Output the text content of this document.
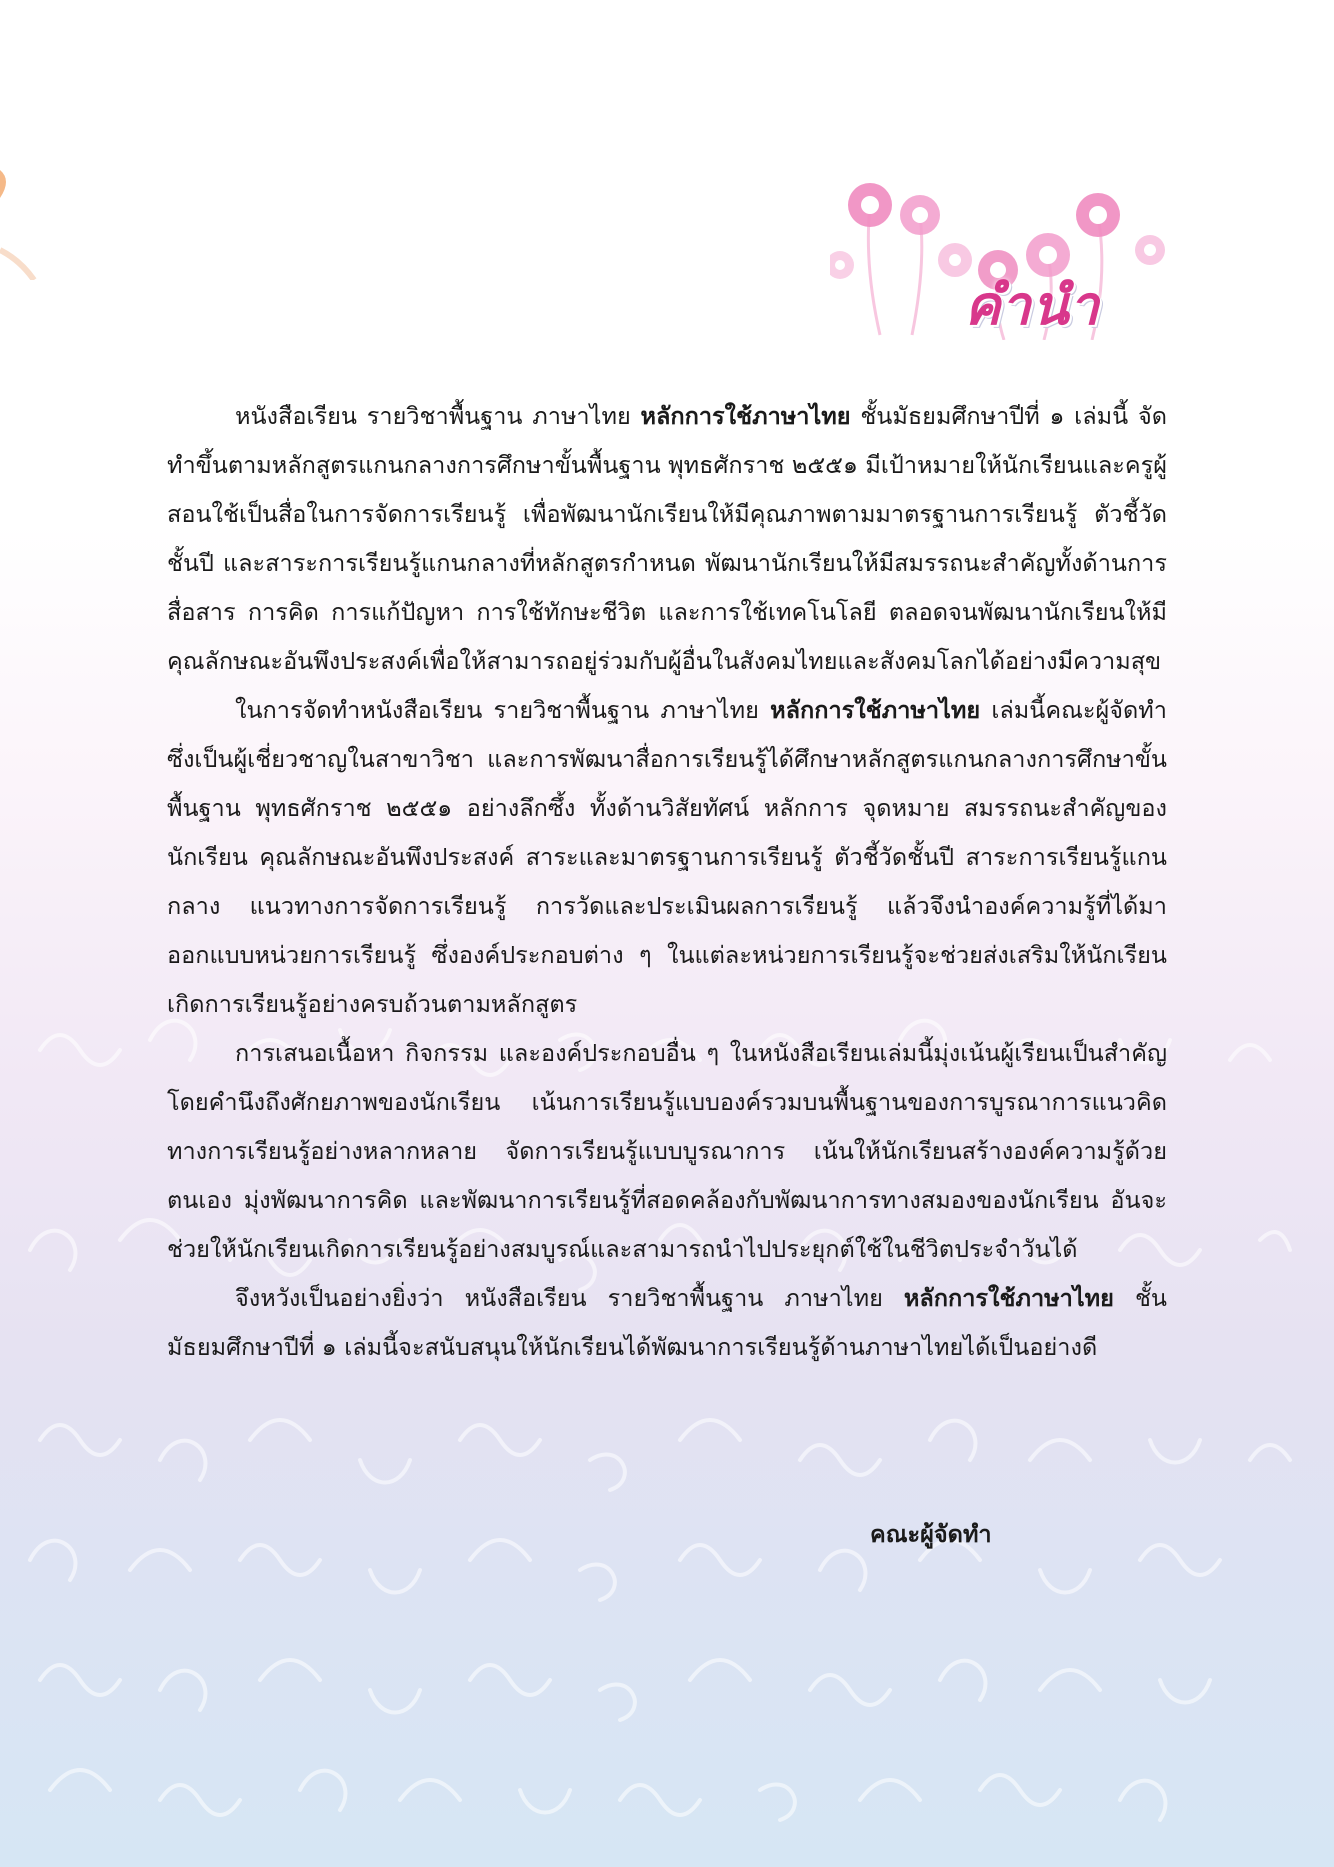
คำนำ

หนังสือเรียน รายวิชาพื้นฐาน ภาษาไทย หลักการใช้ภาษาไทย ชั้นมัธยมศึกษาปีที่ ๑ เล่มนี้ จัดทำขึ้นตามหลักสูตรแกนกลางการศึกษาขั้นพื้นฐาน พุทธศักราช ๒๕๕๑ มีเป้าหมายให้นักเรียนและครูผู้สอนใช้เป็นสื่อในการจัดการเรียนรู้ เพื่อพัฒนานักเรียนให้มีคุณภาพตามมาตรฐานการเรียนรู้ ตัวชี้วัดชั้นปี และสาระการเรียนรู้แกนกลางที่หลักสูตรกำหนด พัฒนานักเรียนให้มีสมรรถนะสำคัญทั้งด้านการสื่อสาร การคิด การแก้ปัญหา การใช้ทักษะชีวิต และการใช้เทคโนโลยี ตลอดจนพัฒนานักเรียนให้มีคุณลักษณะอันพึงประสงค์เพื่อให้สามารถอยู่ร่วมกับผู้อื่นในสังคมไทยและสังคมโลกได้อย่างมีความสุข

ในการจัดทำหนังสือเรียน รายวิชาพื้นฐาน ภาษาไทย หลักการใช้ภาษาไทย เล่มนี้คณะผู้จัดทำซึ่งเป็นผู้เชี่ยวชาญในสาขาวิชา และการพัฒนาสื่อการเรียนรู้ได้ศึกษาหลักสูตรแกนกลางการศึกษาขั้นพื้นฐาน พุทธศักราช ๒๕๕๑ อย่างลึกซึ้ง ทั้งด้านวิสัยทัศน์ หลักการ จุดหมาย สมรรถนะสำคัญของนักเรียน คุณลักษณะอันพึงประสงค์ สาระและมาตรฐานการเรียนรู้ ตัวชี้วัดชั้นปี สาระการเรียนรู้แกนกลาง แนวทางการจัดการเรียนรู้ การวัดและประเมินผลการเรียนรู้ แล้วจึงนำองค์ความรู้ที่ได้มาออกแบบหน่วยการเรียนรู้ ซึ่งองค์ประกอบต่าง ๆ ในแต่ละหน่วยการเรียนรู้จะช่วยส่งเสริมให้นักเรียนเกิดการเรียนรู้อย่างครบถ้วนตามหลักสูตร

การเสนอเนื้อหา กิจกรรม และองค์ประกอบอื่น ๆ ในหนังสือเรียนเล่มนี้มุ่งเน้นผู้เรียนเป็นสำคัญ โดยคำนึงถึงศักยภาพของนักเรียน เน้นการเรียนรู้แบบองค์รวมบนพื้นฐานของการบูรณาการแนวคิดทางการเรียนรู้อย่างหลากหลาย จัดการเรียนรู้แบบบูรณาการ เน้นให้นักเรียนสร้างองค์ความรู้ด้วยตนเอง มุ่งพัฒนาการคิด และพัฒนาการเรียนรู้ที่สอดคล้องกับพัฒนาการทางสมองของนักเรียน อันจะช่วยให้นักเรียนเกิดการเรียนรู้อย่างสมบูรณ์และสามารถนำไปประยุกต์ใช้ในชีวิตประจำวันได้

จึงหวังเป็นอย่างยิ่งว่า หนังสือเรียน รายวิชาพื้นฐาน ภาษาไทย หลักการใช้ภาษาไทย ชั้นมัธยมศึกษาปีที่ ๑ เล่มนี้จะสนับสนุนให้นักเรียนได้พัฒนาการเรียนรู้ด้านภาษาไทยได้เป็นอย่างดี

คณะผู้จัดทำ
